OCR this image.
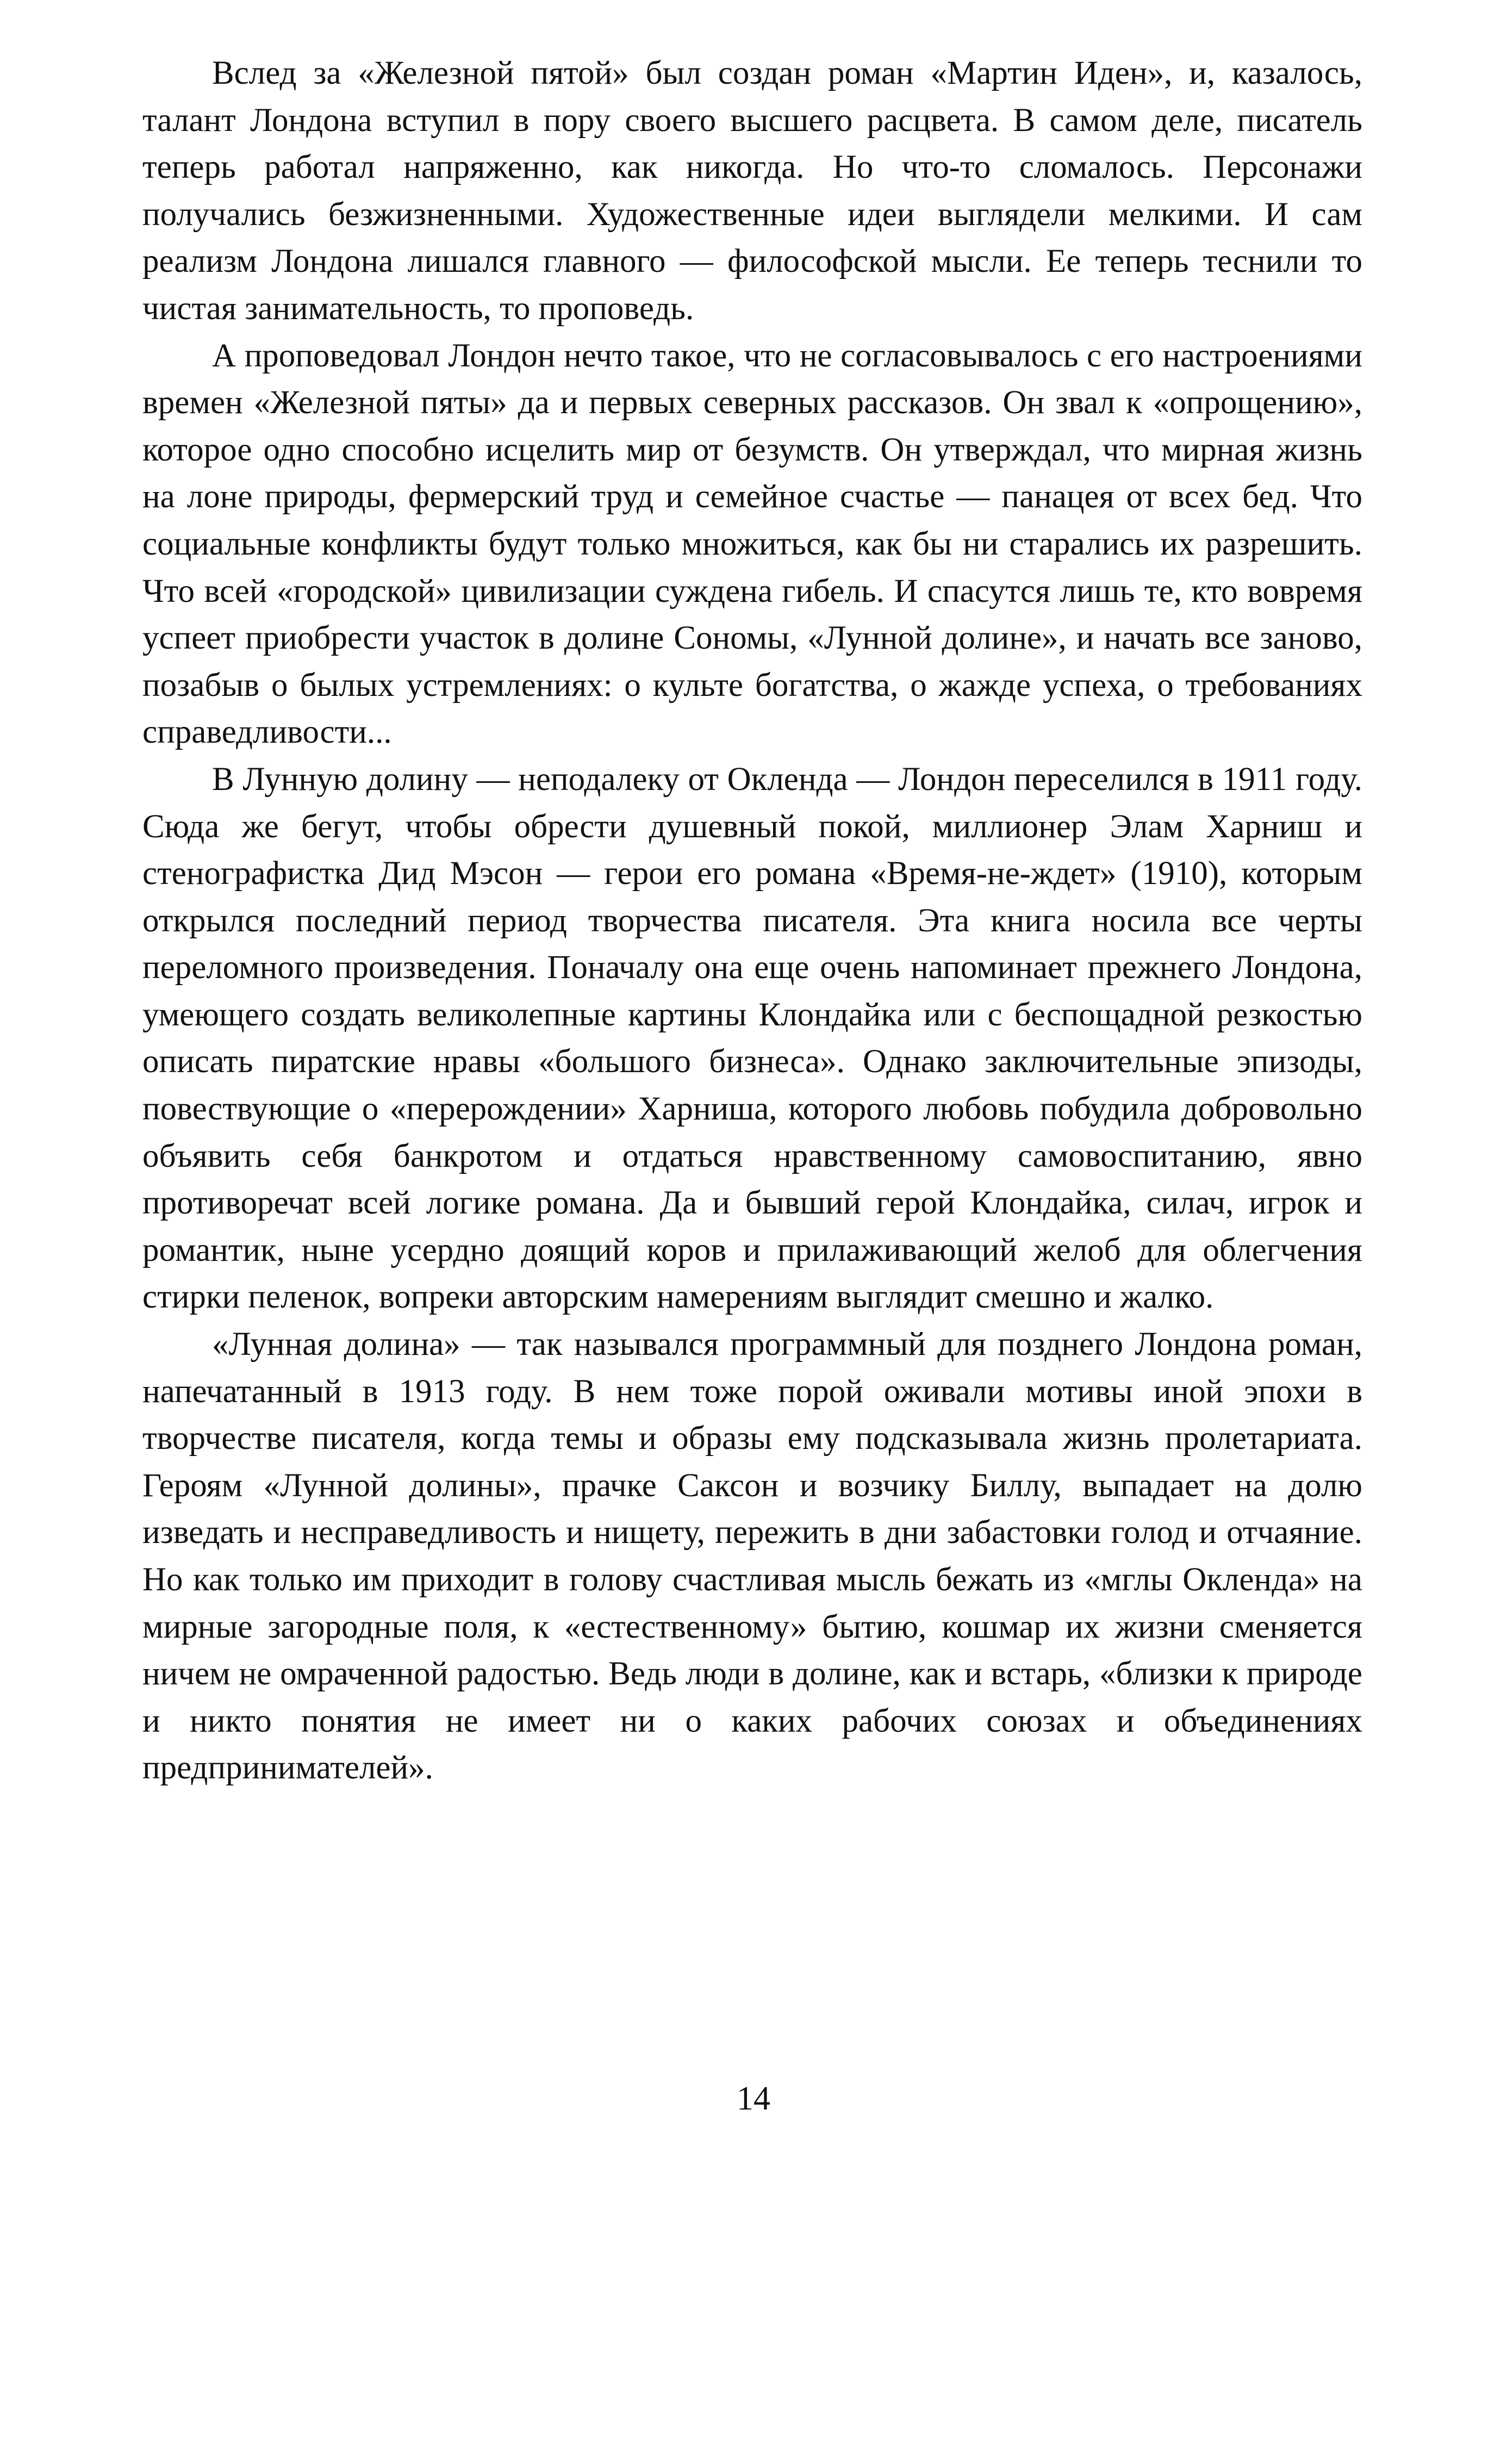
Вслед за «Железной пятой» был создан роман «Мартин Иден», и, казалось, талант Лондона вступил в пору своего высшего расцвета. В самом деле, писатель теперь работал напряженно, как никогда. Но что-то сломалось. Персонажи получались безжизненными. Художественные идеи выглядели мелкими. И сам реализм Лондона лишался главного — философской мысли. Ее теперь теснили то чистая занимательность, то проповедь.

А проповедовал Лондон нечто такое, что не согласовывалось с его настроениями времен «Железной пяты» да и первых северных рассказов. Он звал к «опрощению», которое одно способно исцелить мир от безумств. Он утверждал, что мирная жизнь на лоне природы, фермерский труд и семейное счастье — панацея от всех бед. Что социальные конфликты будут только множиться, как бы ни старались их разрешить. Что всей «городской» цивилизации суждена гибель. И спасутся лишь те, кто вовремя успеет приобрести участок в долине Сономы, «Лунной долине», и начать все заново, позабыв о былых устремлениях: о культе богатства, о жажде успеха, о требованиях справедливости...

В Лунную долину — неподалеку от Окленда — Лондон переселился в 1911 году. Сюда же бегут, чтобы обрести душевный покой, миллионер Элам Харниш и стенографистка Дид Мэсон — герои его романа «Время-не-ждет» (1910), которым открылся последний период творчества писателя. Эта книга носила все черты переломного произведения. Поначалу она еще очень напоминает прежнего Лондона, умеющего создать великолепные картины Клондайка или с беспощадной резкостью описать пиратские нравы «большого бизнеса». Однако заключительные эпизоды, повествующие о «перерождении» Харниша, которого любовь побудила добровольно объявить себя банкротом и отдаться нравственному самовоспитанию, явно противоречат всей логике романа. Да и бывший герой Клондайка, силач, игрок и романтик, ныне усердно доящий коров и прилаживающий желоб для облегчения стирки пеленок, вопреки авторским намерениям выглядит смешно и жалко.

«Лунная долина» — так назывался программный для позднего Лондона роман, напечатанный в 1913 году. В нем тоже порой оживали мотивы иной эпохи в творчестве писателя, когда темы и образы ему подсказывала жизнь пролетариата. Героям «Лунной долины», прачке Саксон и возчику Биллу, выпадает на долю изведать и несправедливость и нищету, пережить в дни забастовки голод и отчаяние. Но как только им приходит в голову счастливая мысль бежать из «мглы Окленда» на мирные загородные поля, к «естественному» бытию, кошмар их жизни сменяется ничем не омраченной радостью. Ведь люди в долине, как и встарь, «близки к природе и никто понятия не имеет ни о каких рабочих союзах и объединениях предпринимателей».

14
